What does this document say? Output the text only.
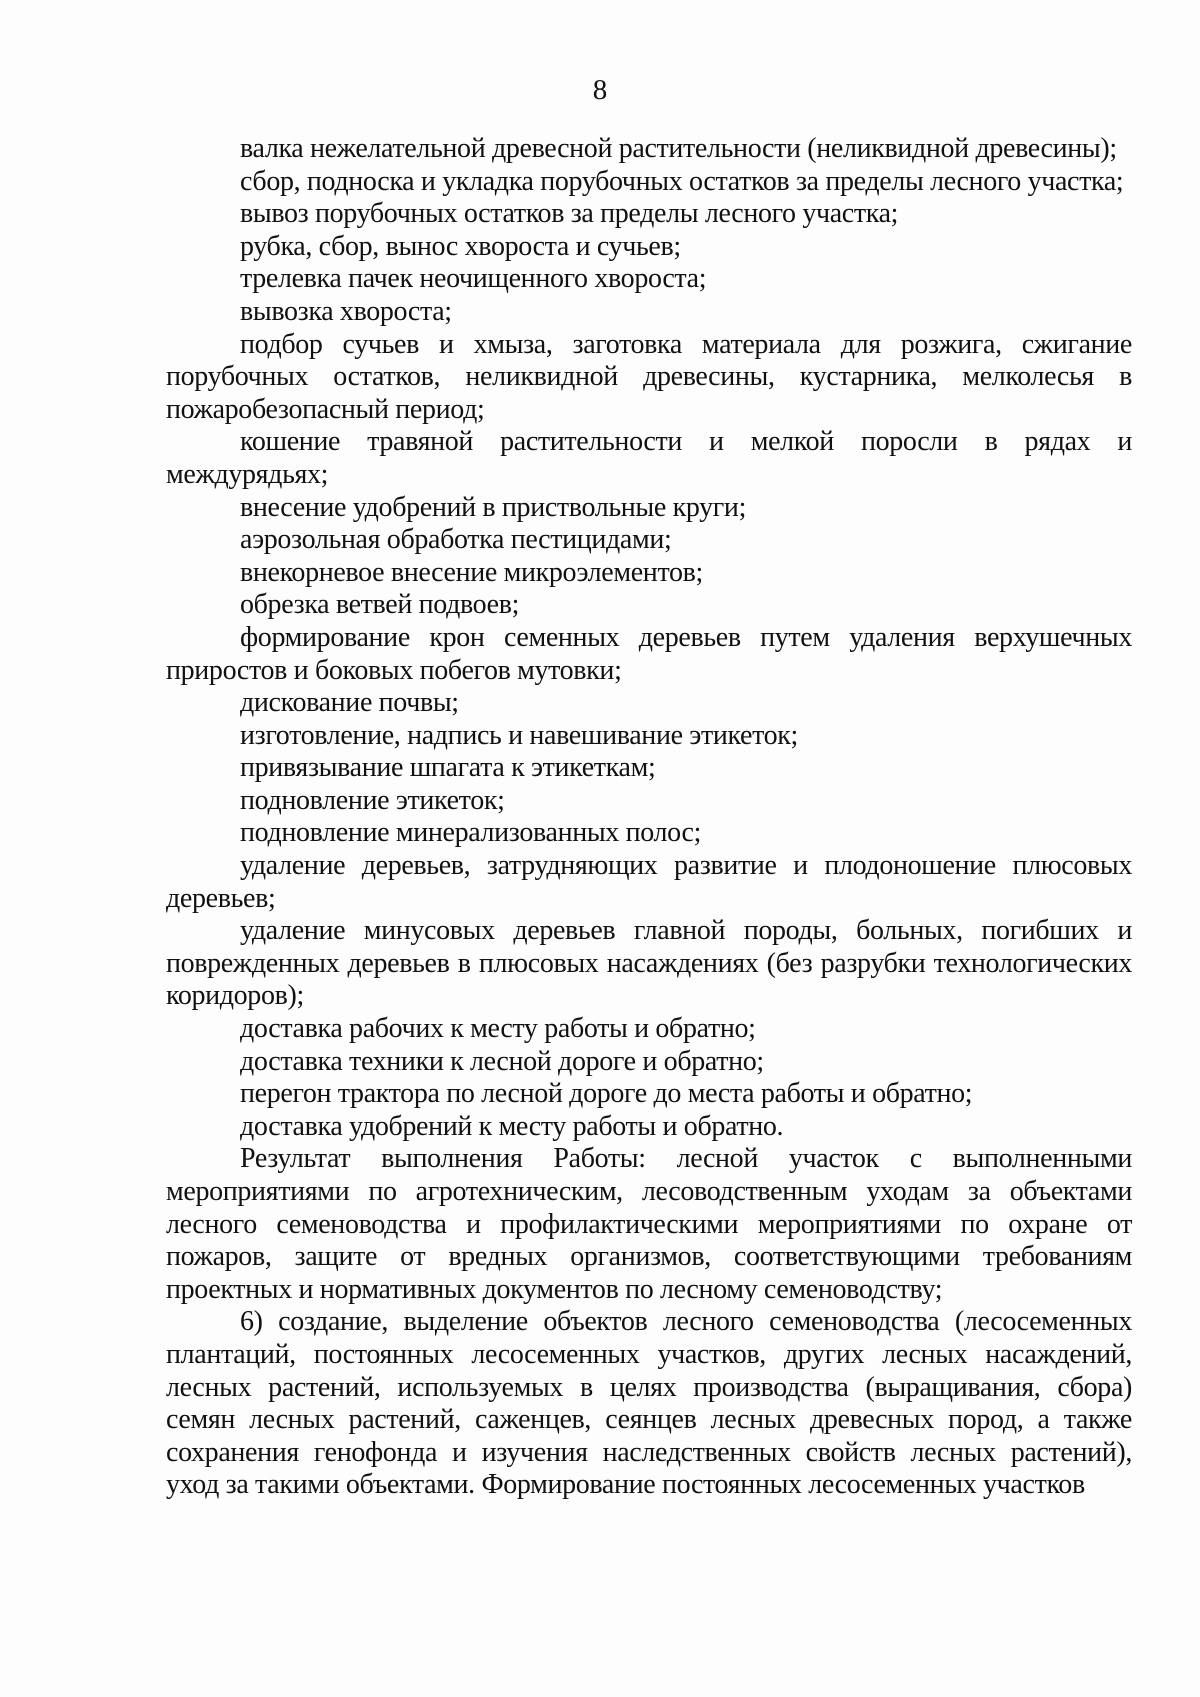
8

валка нежелательной древесной растительности (неликвидной древесины);

сбор, подноска и укладка порубочных остатков за пределы лесного участка;

вывоз порубочных остатков за пределы лесного участка;

рубка, сбор, вынос хвороста и сучьев;

трелевка пачек неочищенного хвороста;

вывозка хвороста;

подбор сучьев и хмыза, заготовка материала для розжига, сжигание порубочных остатков, неликвидной древесины, кустарника, мелколесья в пожаробезопасный период;

кошение травяной растительности и мелкой поросли в рядах и междурядьях;

внесение удобрений в приствольные круги;

аэрозольная обработка пестицидами;

внекорневое внесение микроэлементов;

обрезка ветвей подвоев;

формирование крон семенных деревьев путем удаления верхушечных приростов и боковых побегов мутовки;

дискование почвы;

изготовление, надпись и навешивание этикеток;

привязывание шпагата к этикеткам;

подновление этикеток;

подновление минерализованных полос;

удаление деревьев, затрудняющих развитие и плодоношение плюсовых деревьев;

удаление минусовых деревьев главной породы, больных, погибших и поврежденных деревьев в плюсовых насаждениях (без разрубки технологических коридоров);

доставка рабочих к месту работы и обратно;

доставка техники к лесной дороге и обратно;

перегон трактора по лесной дороге до места работы и обратно;

доставка удобрений к месту работы и обратно.

Результат выполнения Работы: лесной участок с выполненными мероприятиями по агротехническим, лесоводственным уходам за объектами лесного семеноводства и профилактическими мероприятиями по охране от пожаров, защите от вредных организмов, соответствующими требованиям проектных и нормативных документов по лесному семеноводству;

6) создание, выделение объектов лесного семеноводства (лесосеменных плантаций, постоянных лесосеменных участков, других лесных насаждений, лесных растений, используемых в целях производства (выращивания, сбора) семян лесных растений, саженцев, сеянцев лесных древесных пород, а также сохранения генофонда и изучения наследственных свойств лесных растений), уход за такими объектами. Формирование постоянных лесосеменных участков
